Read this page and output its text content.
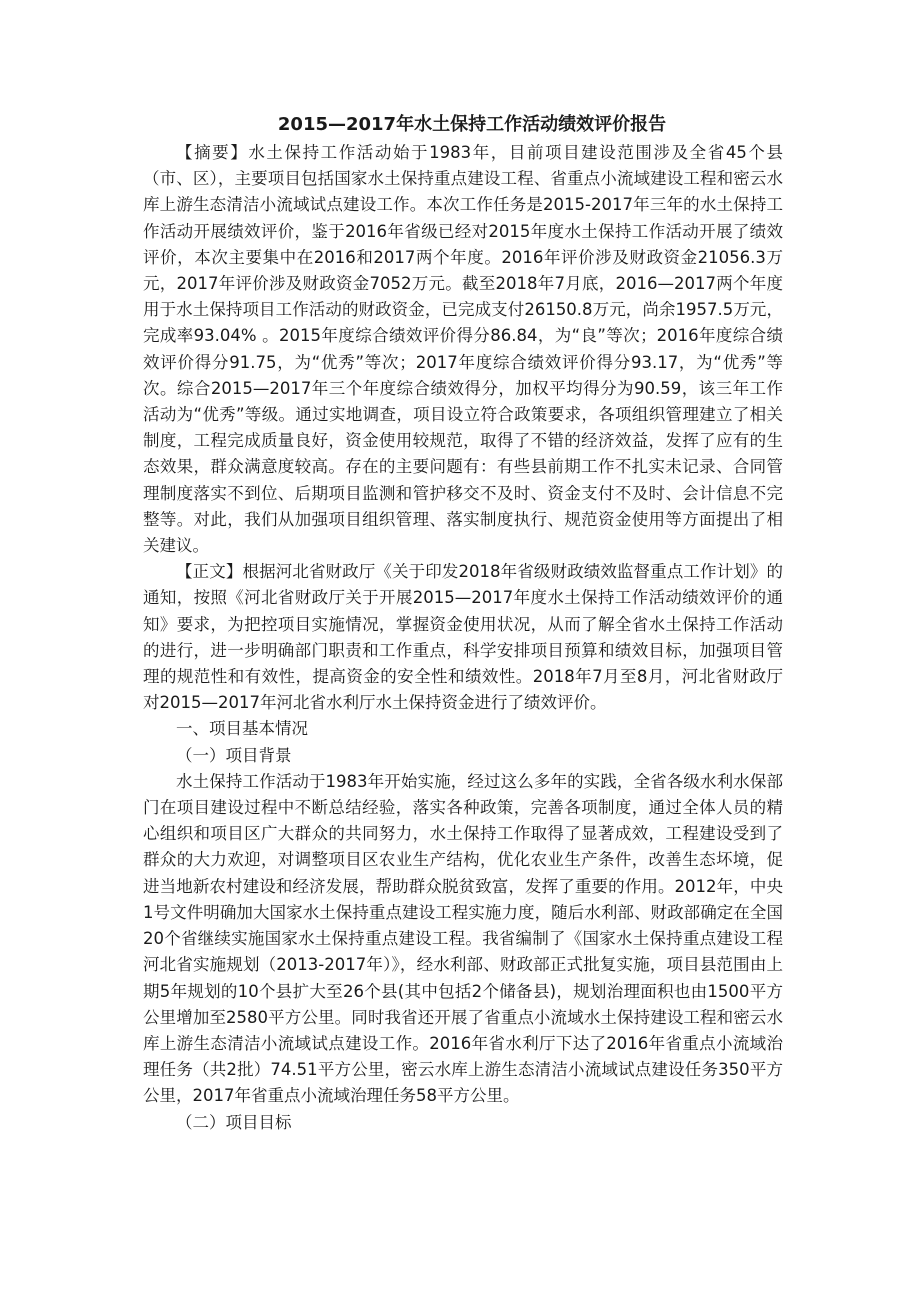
2015—2017年水土保持工作活动绩效评价报告

【摘要】水土保持工作活动始于1983年，目前项目建设范围涉及全省45个县（市、区），主要项目包括国家水土保持重点建设工程、省重点小流域建设工程和密云水库上游生态清洁小流域试点建设工作。本次工作任务是2015-2017年三年的水土保持工作活动开展绩效评价，鉴于2016年省级已经对2015年度水土保持工作活动开展了绩效评价，本次主要集中在2016和2017两个年度。2016年评价涉及财政资金21056.3万元，2017年评价涉及财政资金7052万元。截至2018年7月底，2016—2017两个年度用于水土保持项目工作活动的财政资金，已完成支付26150.8万元，尚余1957.5万元，完成率93.04% 。2015年度综合绩效评价得分86.84，为“良”等次；2016年度综合绩效评价得分91.75，为“优秀”等次；2017年度综合绩效评价得分93.17，为“优秀”等次。综合2015—2017年三个年度综合绩效得分，加权平均得分为90.59，该三年工作活动为“优秀”等级。通过实地调查，项目设立符合政策要求，各项组织管理建立了相关制度，工程完成质量良好，资金使用较规范，取得了不错的经济效益，发挥了应有的生态效果，群众满意度较高。存在的主要问题有：有些县前期工作不扎实未记录、合同管理制度落实不到位、后期项目监测和管护移交不及时、资金支付不及时、会计信息不完整等。对此，我们从加强项目组织管理、落实制度执行、规范资金使用等方面提出了相关建议。

【正文】根据河北省财政厅《关于印发2018年省级财政绩效监督重点工作计划》的通知，按照《河北省财政厅关于开展2015—2017年度水土保持工作活动绩效评价的通知》要求，为把控项目实施情况，掌握资金使用状况，从而了解全省水土保持工作活动的进行，进一步明确部门职责和工作重点，科学安排项目预算和绩效目标，加强项目管理的规范性和有效性，提高资金的安全性和绩效性。2018年7月至8月，河北省财政厅对2015—2017年河北省水利厅水土保持资金进行了绩效评价。

一、项目基本情况

（一）项目背景

水土保持工作活动于1983年开始实施，经过这么多年的实践，全省各级水利水保部门在项目建设过程中不断总结经验，落实各种政策，完善各项制度，通过全体人员的精心组织和项目区广大群众的共同努力，水土保持工作取得了显著成效，工程建设受到了群众的大力欢迎，对调整项目区农业生产结构，优化农业生产条件，改善生态坏境，促进当地新农村建设和经济发展，帮助群众脱贫致富，发挥了重要的作用。2012年，中央1号文件明确加大国家水土保持重点建设工程实施力度，随后水利部、财政部确定在全国20个省继续实施国家水土保持重点建设工程。我省编制了《国家水土保持重点建设工程河北省实施规划（2013-2017年）》，经水利部、财政部正式批复实施，项目县范围由上期5年规划的10个县扩大至26个县(其中包括2个储备县)，规划治理面积也由1500平方公里增加至2580平方公里。同时我省还开展了省重点小流域水土保持建设工程和密云水库上游生态清洁小流域试点建设工作。2016年省水利厅下达了2016年省重点小流域治理任务（共2批）74.51平方公里，密云水库上游生态清洁小流域试点建设任务350平方公里，2017年省重点小流域治理任务58平方公里。

（二）项目目标
